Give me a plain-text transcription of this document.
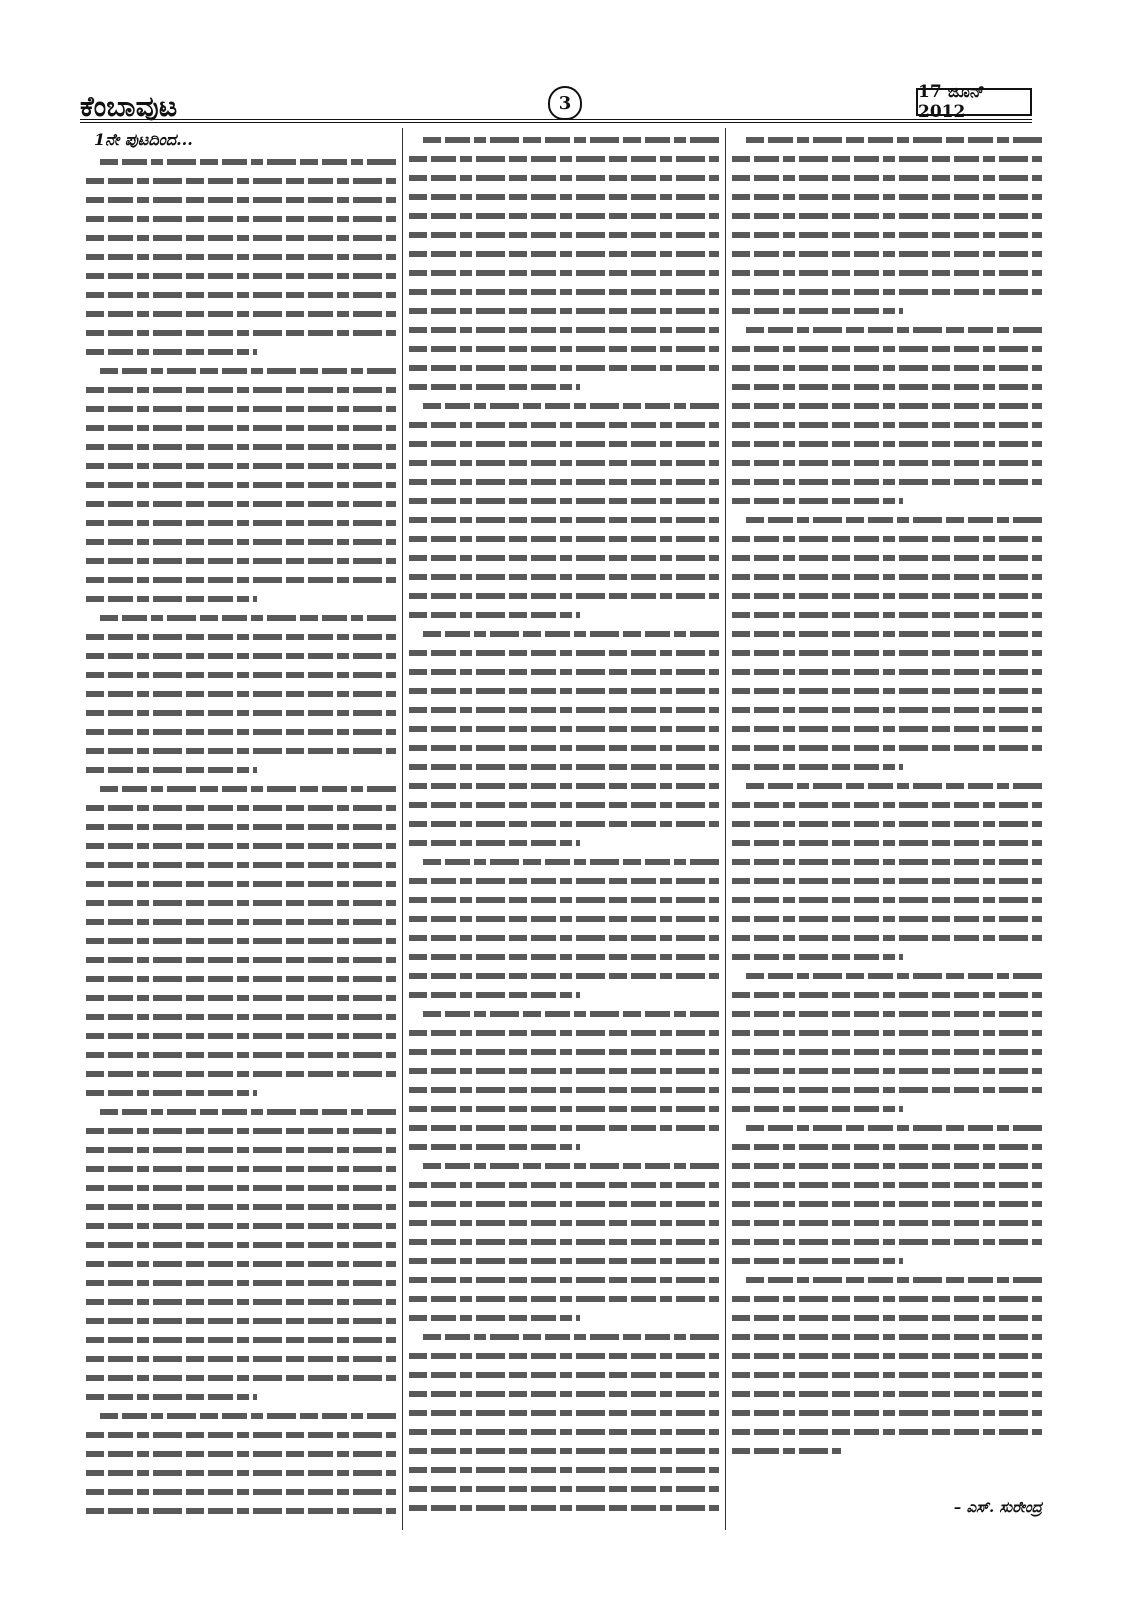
ಕೆಂಬಾವುಟ	3
17 ಜೂನ್ 2012
1ನೇ ಪುಟದಿಂದ...
– ಎಸ್. ಸುರೇಂದ್ರ
